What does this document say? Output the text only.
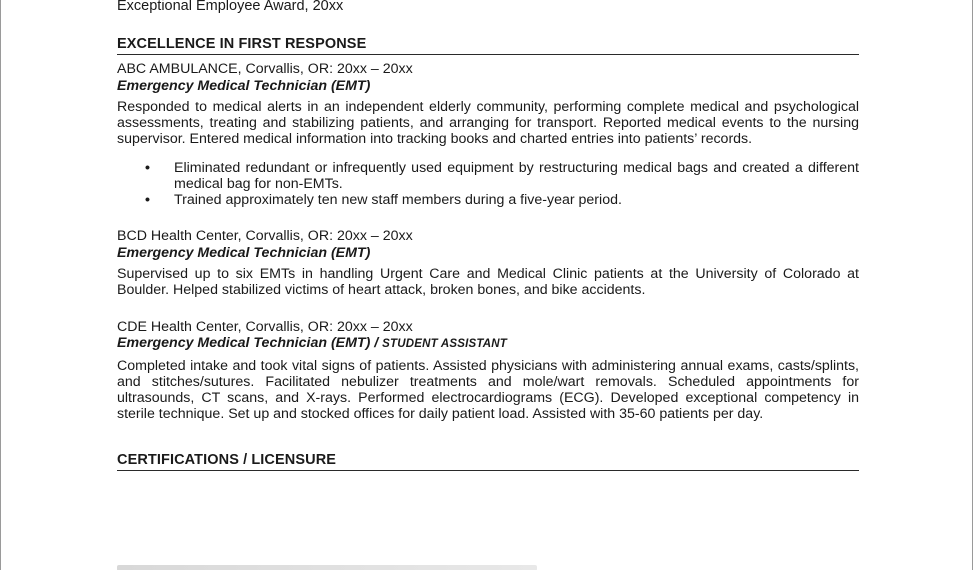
Exceptional Employee Award, 20xx

EXCELLENCE IN FIRST RESPONSE
ABC AMBULANCE, Corvallis, OR: 20xx – 20xx
Emergency Medical Technician (EMT)
Responded to medical alerts in an independent elderly community, performing complete medical and psychological assessments, treating and stabilizing patients, and arranging for transport. Reported medical events to the nursing supervisor. Entered medical information into tracking books and charted entries into patients’ records.
• Eliminated redundant or infrequently used equipment by restructuring medical bags and created a different medical bag for non-EMTs.
• Trained approximately ten new staff members during a five-year period.
BCD Health Center, Corvallis, OR: 20xx – 20xx
Emergency Medical Technician (EMT)
Supervised up to six EMTs in handling Urgent Care and Medical Clinic patients at the University of Colorado at Boulder. Helped stabilized victims of heart attack, broken bones, and bike accidents.
CDE Health Center, Corvallis, OR: 20xx – 20xx
Emergency Medical Technician (EMT) / STUDENT ASSISTANT
Completed intake and took vital signs of patients. Assisted physicians with administering annual exams, casts/splints, and stitches/sutures. Facilitated nebulizer treatments and mole/wart removals. Scheduled appointments for ultrasounds, CT scans, and X-rays. Performed electrocardiograms (ECG). Developed exceptional competency in sterile technique. Set up and stocked offices for daily patient load. Assisted with 35-60 patients per day.
CERTIFICATIONS / LICENSURE
